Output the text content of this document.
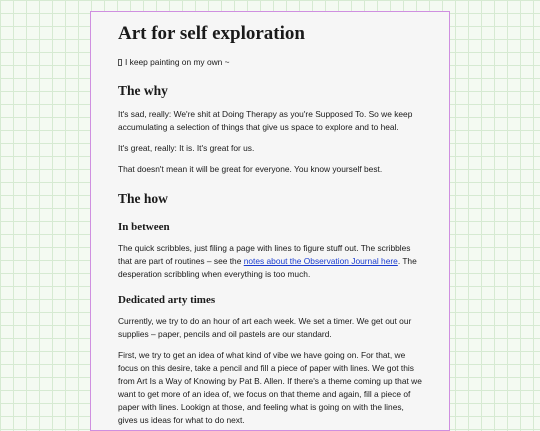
Art for self exploration
I keep painting on my own ~
The why

It's sad, really: We're shit at Doing Therapy as you're Supposed To. So we keep accumulating a selection of things that give us space to explore and to heal.

It's great, really: It is. It's great for us.

That doesn't mean it will be great for everyone. You know yourself best.

The how
In between

The quick scribbles, just filing a page with lines to figure stuff out. The scribbles that are part of routines – see the notes about the Observation Journal here. The desperation scribbling when everything is too much.

Dedicated arty times

Currently, we try to do an hour of art each week. We set a timer. We get out our supplies – paper, pencils and oil pastels are our standard.

First, we try to get an idea of what kind of vibe we have going on. For that, we focus on this desire, take a pencil and fill a piece of paper with lines. We got this from Art Is a Way of Knowing by Pat B. Allen. If there's a theme coming up that we want to get more of an idea of, we focus on that theme and again, fill a piece of paper with lines. Lookign at those, and feeling what is going on with the lines, gives us ideas for what to do next.
